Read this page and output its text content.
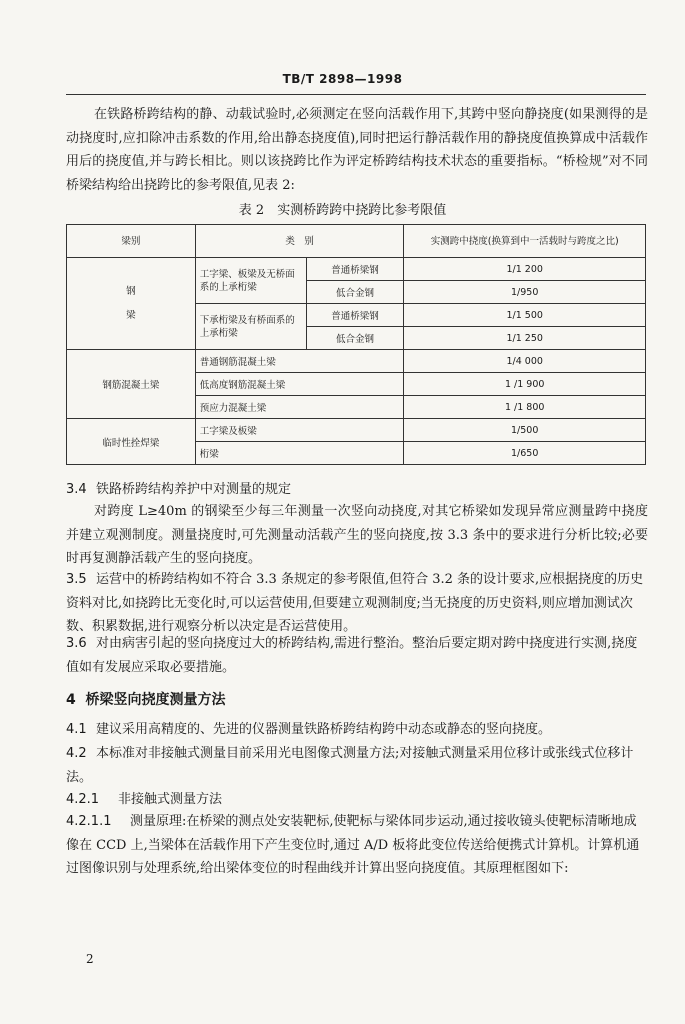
TB/T 2898—1998
在铁路桥跨结构的静、动载试验时,必须测定在竖向活载作用下,其跨中竖向静挠度(如果测得的是动挠度时,应扣除冲击系数的作用,给出静态挠度值),同时把运行静活载作用的静挠度值换算成中活载作用后的挠度值,并与跨长相比。则以该挠跨比作为评定桥跨结构技术状态的重要指标。“桥检规”对不同桥梁结构给出挠跨比的参考限值,见表 2:
表 2　实测桥跨跨中挠跨比参考限值
梁别	类　别		实测跨中挠度(换算到中一活载时与跨度之比)
钢
梁	工字梁、板梁及无桥面系的上承桁梁	普通桥梁钢	1/1 200
		低合金钢	1/950
	下承桁梁及有桥面系的上承桁梁	普通桥梁钢	1/1 500
		低合金钢	1/1 250
钢筋混凝土梁	普通钢筋混凝土梁		1/4 000
	低高度钢筋混凝土梁		1 /1 900
	预应力混凝土梁		1 /1 800
临时性拴焊梁	工字梁及板梁		1/500
	桁梁		1/650
3.4 铁路桥跨结构养护中对测量的规定
对跨度 L≥40m 的钢梁至少每三年测量一次竖向动挠度,对其它桥梁如发现异常应测量跨中挠度并建立观测制度。测量挠度时,可先测量动活载产生的竖向挠度,按 3.3 条中的要求进行分析比较;必要时再复测静活载产生的竖向挠度。
3.5 运营中的桥跨结构如不符合 3.3 条规定的参考限值,但符合 3.2 条的设计要求,应根据挠度的历史资料对比,如挠跨比无变化时,可以运营使用,但要建立观测制度;当无挠度的历史资料,则应增加测试次数、积累数据,进行观察分析以决定是否运营使用。
3.6 对由病害引起的竖向挠度过大的桥跨结构,需进行整治。整治后要定期对跨中挠度进行实测,挠度值如有发展应采取必要措施。
4 桥梁竖向挠度测量方法
4.1 建议采用高精度的、先进的仪器测量铁路桥跨结构跨中动态或静态的竖向挠度。
4.2 本标准对非接触式测量目前采用光电图像式测量方法;对接触式测量采用位移计或张线式位移计法。
4.2.1 非接触式测量方法
4.2.1.1 测量原理:在桥梁的测点处安装靶标,使靶标与梁体同步运动,通过接收镜头使靶标清晰地成像在 CCD 上,当梁体在活载作用下产生变位时,通过 A/D 板将此变位传送给便携式计算机。计算机通过图像识别与处理系统,给出梁体变位的时程曲线并计算出竖向挠度值。其原理框图如下:
2
